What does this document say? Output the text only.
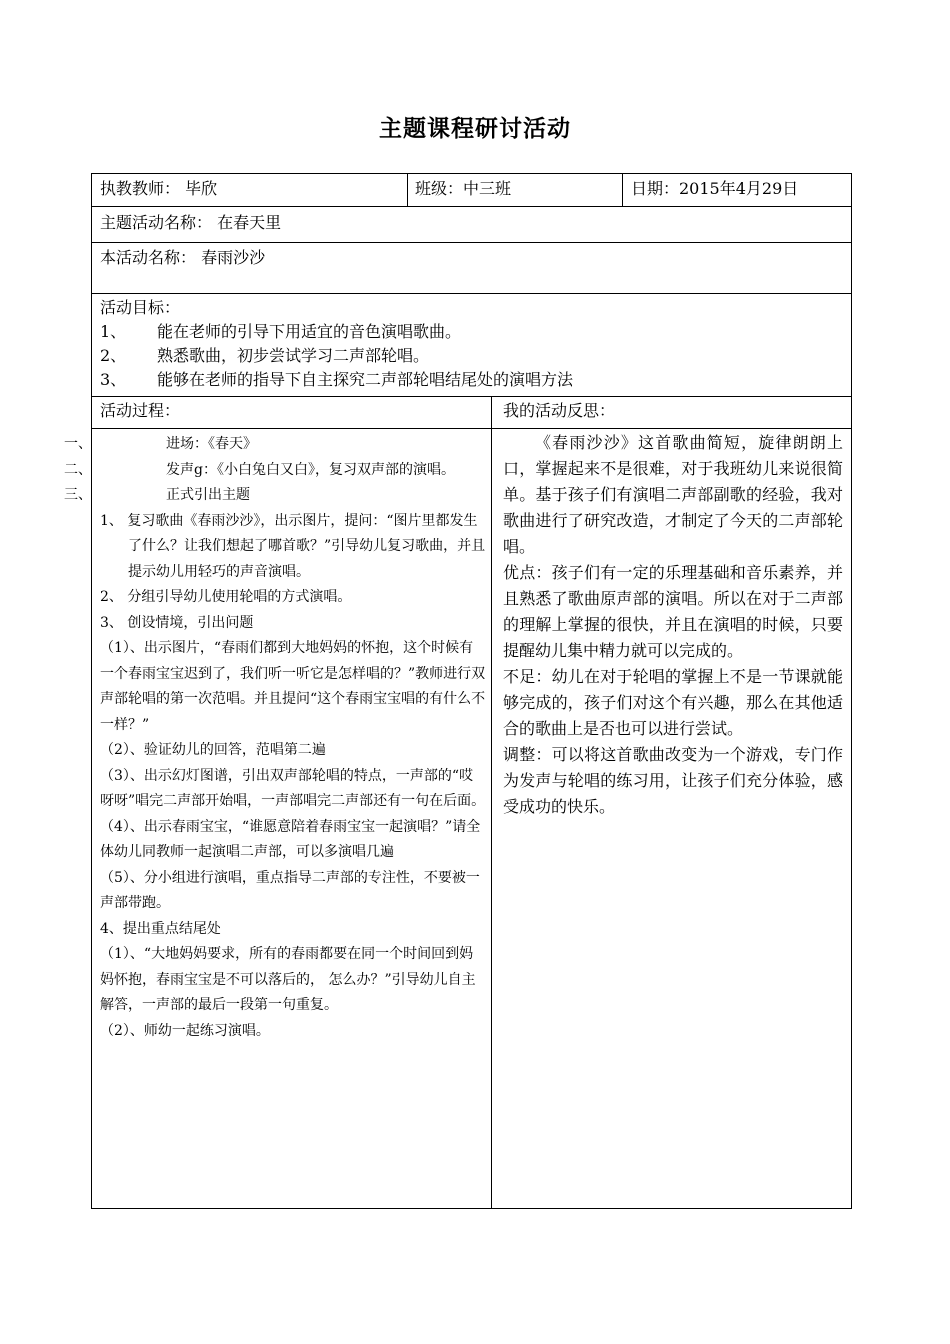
主题课程研讨活动
执教教师： 毕欣	班级：中三班	日期：2015年4月29日
主题活动名称： 在春天里
本活动名称： 春雨沙沙
活动目标：
1、 能在老师的引导下用适宜的音色演唱歌曲。
2、 熟悉歌曲，初步尝试学习二声部轮唱。
3、 能够在老师的指导下自主探究二声部轮唱结尾处的演唱方法
活动过程：	我的活动反思：

一、	进场：《春天》

二、	发声g：《小白兔白又白》，复习双声部的演唱。

三、	正式引出主题

1、 复习歌曲《春雨沙沙》，出示图片，提问：“图片里都发生了什么？让我们想起了哪首歌？”引导幼儿复习歌曲，并且提示幼儿用轻巧的声音演唱。

2、 分组引导幼儿使用轮唱的方式演唱。

3、 创设情境，引出问题

（1）、出示图片，“春雨们都到大地妈妈的怀抱，这个时候有一个春雨宝宝迟到了，我们听一听它是怎样唱的？”教师进行双声部轮唱的第一次范唱。并且提问“这个春雨宝宝唱的有什么不一样？”

（2）、验证幼儿的回答，范唱第二遍

（3）、出示幻灯图谱，引出双声部轮唱的特点，一声部的“哎呀呀”唱完二声部开始唱，一声部唱完二声部还有一句在后面。

（4）、出示春雨宝宝，“谁愿意陪着春雨宝宝一起演唱？”请全体幼儿同教师一起演唱二声部，可以多演唱几遍

（5）、分小组进行演唱，重点指导二声部的专注性，不要被一声部带跑。

4、提出重点结尾处

（1）、“大地妈妈要求，所有的春雨都要在同一个时间回到妈妈怀抱，春雨宝宝是不可以落后的， 怎么办？”引导幼儿自主解答，一声部的最后一段第一句重复。

（2）、师幼一起练习演唱。

《春雨沙沙》这首歌曲简短，旋律朗朗上口，掌握起来不是很难，对于我班幼儿来说很简单。基于孩子们有演唱二声部副歌的经验，我对歌曲进行了研究改造，才制定了今天的二声部轮唱。

优点：孩子们有一定的乐理基础和音乐素养，并且熟悉了歌曲原声部的演唱。所以在对于二声部的理解上掌握的很快，并且在演唱的时候，只要提醒幼儿集中精力就可以完成的。

不足：幼儿在对于轮唱的掌握上不是一节课就能够完成的，孩子们对这个有兴趣，那么在其他适合的歌曲上是否也可以进行尝试。

调整：可以将这首歌曲改变为一个游戏，专门作为发声与轮唱的练习用，让孩子们充分体验，感受成功的快乐。
